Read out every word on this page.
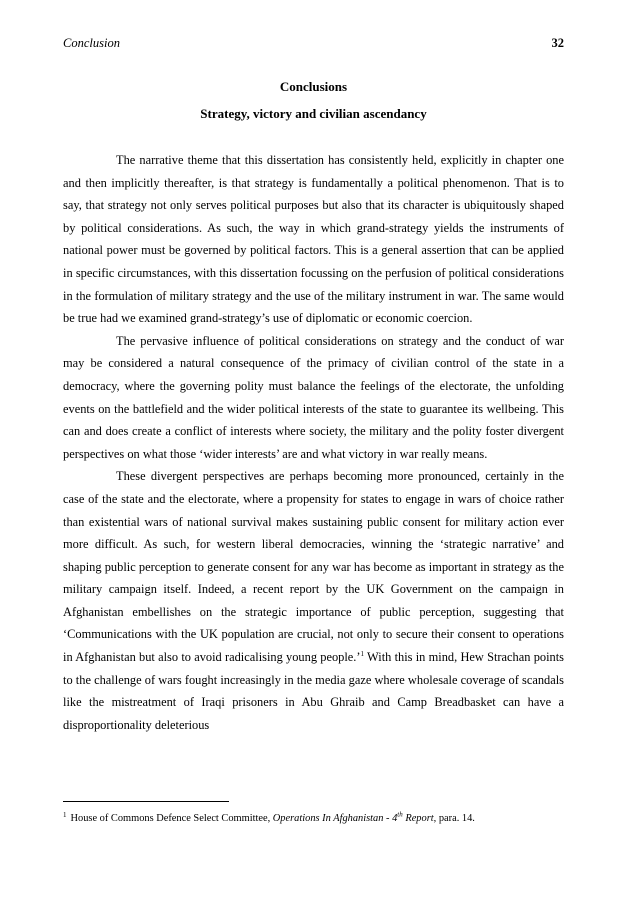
Conclusion	32
Conclusions
Strategy, victory and civilian ascendancy

The narrative theme that this dissertation has consistently held, explicitly in chapter one and then implicitly thereafter, is that strategy is fundamentally a political phenomenon. That is to say, that strategy not only serves political purposes but also that its character is ubiquitously shaped by political considerations. As such, the way in which grand-strategy yields the instruments of national power must be governed by political factors. This is a general assertion that can be applied in specific circumstances, with this dissertation focussing on the perfusion of political considerations in the formulation of military strategy and the use of the military instrument in war. The same would be true had we examined grand-strategy’s use of diplomatic or economic coercion.

The pervasive influence of political considerations on strategy and the conduct of war may be considered a natural consequence of the primacy of civilian control of the state in a democracy, where the governing polity must balance the feelings of the electorate, the unfolding events on the battlefield and the wider political interests of the state to guarantee its wellbeing. This can and does create a conflict of interests where society, the military and the polity foster divergent perspectives on what those ‘wider interests’ are and what victory in war really means.

These divergent perspectives are perhaps becoming more pronounced, certainly in the case of the state and the electorate, where a propensity for states to engage in wars of choice rather than existential wars of national survival makes sustaining public consent for military action ever more difficult. As such, for western liberal democracies, winning the ‘strategic narrative’ and shaping public perception to generate consent for any war has become as important in strategy as the military campaign itself. Indeed, a recent report by the UK Government on the campaign in Afghanistan embellishes on the strategic importance of public perception, suggesting that ‘Communications with the UK population are crucial, not only to secure their consent to operations in Afghanistan but also to avoid radicalising young people.’$^1$ With this in mind, Hew Strachan points to the challenge of wars fought increasingly in the media gaze where wholesale coverage of scandals like the mistreatment of Iraqi prisoners in Abu Ghraib and Camp Breadbasket can have a disproportionality deleterious

$^1$ House of Commons Defence Select Committee, Operations In Afghanistan - 4th Report, para. 14.
